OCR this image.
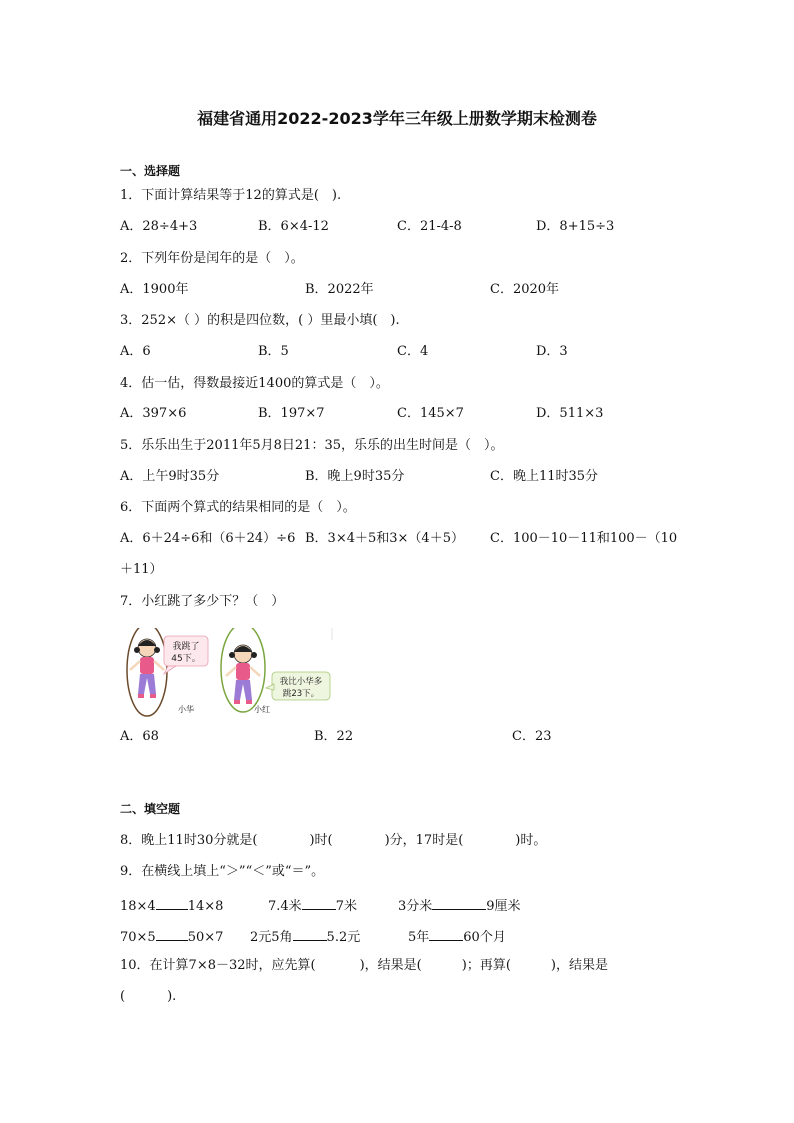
福建省通用2022-2023学年三年级上册数学期末检测卷
一、选择题
1．下面计算结果等于12的算式是(　).
A．28÷4+3	B．6×4-12	C．21-4-8	D．8+15÷3
2．下列年份是闰年的是（　）。
A．1900年	B．2022年	C．2020年
3．252×（ ）的积是四位数，( ）里最小填(　).
A．6	B．5	C．4	D．3
4．估一估，得数最接近1400的算式是（　）。
A．397×6	B．197×7	C．145×7	D．511×3
5．乐乐出生于2011年5月8日21：35，乐乐的出生时间是（　）。
A．上午9时35分	B．晚上9时35分	C．晚上11时35分
6．下面两个算式的结果相同的是（　）。
A．6＋24÷6和（6＋24）÷6 B．3×4＋5和3×（4＋5） C．100－10－11和100－（10
＋11）
7．小红跳了多少下？（　）
我跳了
45下。
小华
我比小华多
跳23下。
小红
A．68	B．22	C．23
二、填空题
8．晚上11时30分就是(	)时(	)分，17时是(	)时。
9．在横线上填上“＞”“＜”或“＝”。
18×4 14×8	7.4米	7米	3分米	9厘米
70×5 50×7 2元5角	5.2元	5年	60个月
10．在计算7×8－32时，应先算(	)，结果是(	)；再算(	)，结果是
(	).
